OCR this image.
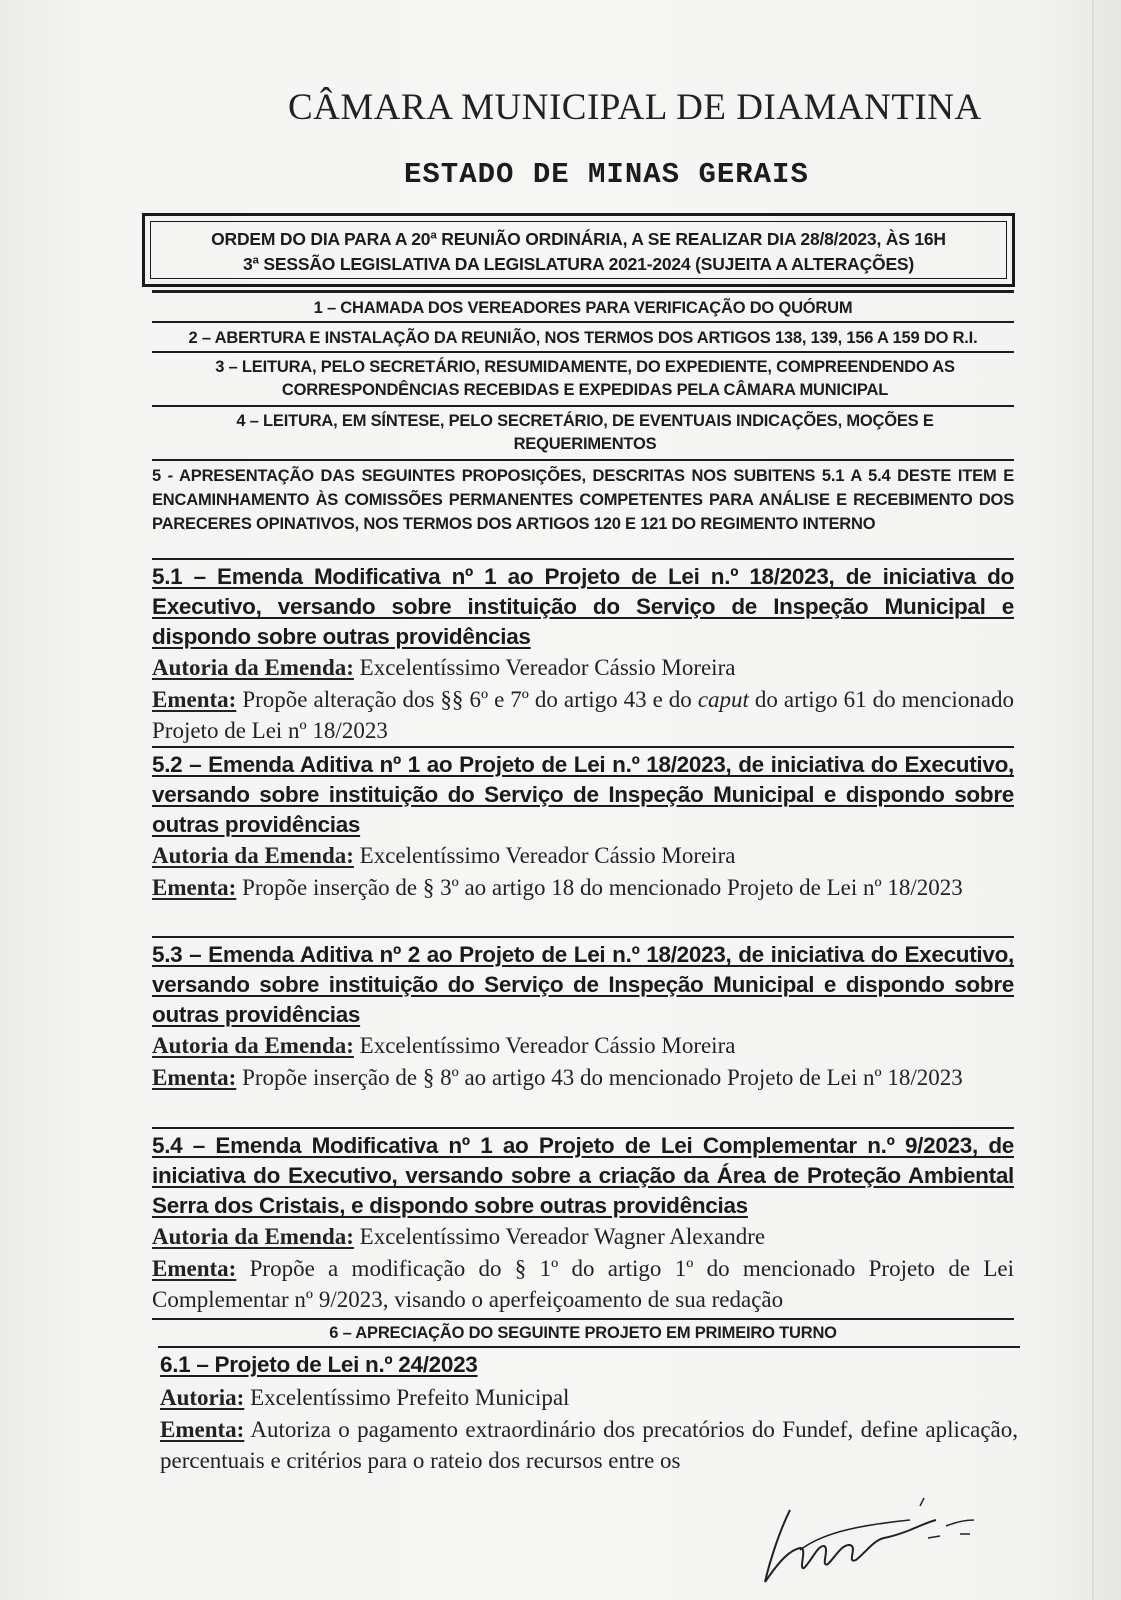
CÂMARA MUNICIPAL DE DIAMANTINA
ESTADO DE MINAS GERAIS
ORDEM DO DIA PARA A 20ª REUNIÃO ORDINÁRIA, A SE REALIZAR DIA 28/8/2023, ÀS 16H
3ª SESSÃO LEGISLATIVA DA LEGISLATURA 2021-2024 (SUJEITA A ALTERAÇÕES)
1 – CHAMADA DOS VEREADORES PARA VERIFICAÇÃO DO QUÓRUM
2 – ABERTURA E INSTALAÇÃO DA REUNIÃO, NOS TERMOS DOS ARTIGOS 138, 139, 156 A 159 DO R.I.
3 – LEITURA, PELO SECRETÁRIO, RESUMIDAMENTE, DO EXPEDIENTE, COMPREENDENDO AS CORRESPONDÊNCIAS RECEBIDAS E EXPEDIDAS PELA CÂMARA MUNICIPAL
4 – LEITURA, EM SÍNTESE, PELO SECRETÁRIO, DE EVENTUAIS INDICAÇÕES, MOÇÕES E REQUERIMENTOS
5 - APRESENTAÇÃO DAS SEGUINTES PROPOSIÇÕES, DESCRITAS NOS SUBITENS 5.1 A 5.4 DESTE ITEM E ENCAMINHAMENTO ÀS COMISSÕES PERMANENTES COMPETENTES PARA ANÁLISE E RECEBIMENTO DOS PARECERES OPINATIVOS, NOS TERMOS DOS ARTIGOS 120 E 121 DO REGIMENTO INTERNO
5.1 – Emenda Modificativa nº 1 ao Projeto de Lei n.º 18/2023, de iniciativa do Executivo, versando sobre instituição do Serviço de Inspeção Municipal e dispondo sobre outras providências
Autoria da Emenda: Excelentíssimo Vereador Cássio Moreira
Ementa: Propõe alteração dos §§ 6º e 7º do artigo 43 e do caput do artigo 61 do mencionado Projeto de Lei nº 18/2023
5.2 – Emenda Aditiva nº 1 ao Projeto de Lei n.º 18/2023, de iniciativa do Executivo, versando sobre instituição do Serviço de Inspeção Municipal e dispondo sobre outras providências
Autoria da Emenda: Excelentíssimo Vereador Cássio Moreira
Ementa: Propõe inserção de § 3º ao artigo 18 do mencionado Projeto de Lei nº 18/2023
5.3 – Emenda Aditiva nº 2 ao Projeto de Lei n.º 18/2023, de iniciativa do Executivo, versando sobre instituição do Serviço de Inspeção Municipal e dispondo sobre outras providências
Autoria da Emenda: Excelentíssimo Vereador Cássio Moreira
Ementa: Propõe inserção de § 8º ao artigo 43 do mencionado Projeto de Lei nº 18/2023
5.4 – Emenda Modificativa nº 1 ao Projeto de Lei Complementar n.º 9/2023, de iniciativa do Executivo, versando sobre a criação da Área de Proteção Ambiental Serra dos Cristais, e dispondo sobre outras providências
Autoria da Emenda: Excelentíssimo Vereador Wagner Alexandre
Ementa: Propõe a modificação do § 1º do artigo 1º do mencionado Projeto de Lei Complementar nº 9/2023, visando o aperfeiçoamento de sua redação
6 – APRECIAÇÃO DO SEGUINTE PROJETO EM PRIMEIRO TURNO
6.1 – Projeto de Lei n.º 24/2023
Autoria: Excelentíssimo Prefeito Municipal
Ementa: Autoriza o pagamento extraordinário dos precatórios do Fundef, define aplicação, percentuais e critérios para o rateio dos recursos entre os
